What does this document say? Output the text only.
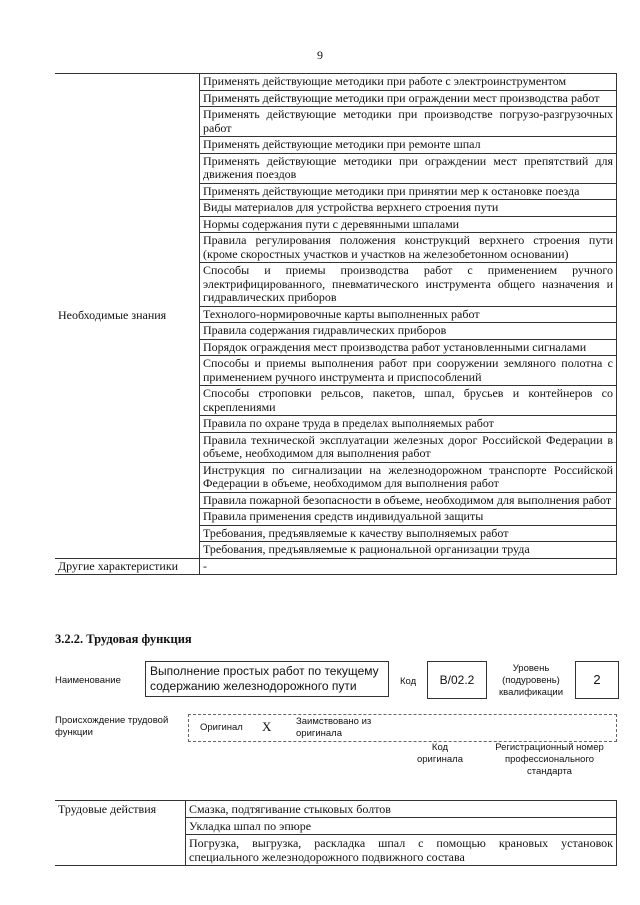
9
Необходимые знания	Применять действующие методики при работе с электроинструментом
	Применять действующие методики при ограждении мест производства работ
	Применять действующие методики при производстве погрузо-разгрузочных работ
	Применять действующие методики при ремонте шпал
	Применять действующие методики при ограждении мест препятствий для движения поездов
	Применять действующие методики при принятии мер к остановке поезда
	Виды материалов для устройства верхнего строения пути
	Нормы содержания пути с деревянными шпалами
	Правила регулирования положения конструкций верхнего строения пути (кроме скоростных участков и участков на железобетонном основании)
	Способы и приемы производства работ с применением ручного электрифицированного, пневматического инструмента общего назначения и гидравлических приборов
	Технолого-нормировочные карты выполненных работ
	Правила содержания гидравлических приборов
	Порядок ограждения мест производства работ установленными сигналами
	Способы и приемы выполнения работ при сооружении земляного полотна с применением ручного инструмента и приспособлений
	Способы строповки рельсов, пакетов, шпал, брусьев и контейнеров со скреплениями
	Правила по охране труда в пределах выполняемых работ
	Правила технической эксплуатации железных дорог Российской Федерации в объеме, необходимом для выполнения работ
	Инструкция по сигнализации на железнодорожном транспорте Российской Федерации в объеме, необходимом для выполнения работ
	Правила пожарной безопасности в объеме, необходимом для выполнения работ
	Правила применения средств индивидуальной защиты
	Требования, предъявляемые к качеству выполняемых работ
	Требования, предъявляемые к рациональной организации труда
Другие характеристики	-
3.2.2. Трудовая функция
Наименование
Выполнение простых работ по текущему содержанию железнодорожного пути	Код	В/02.2
Уровень (подуровень) квалификации
2
Происхождение трудовой функции	Оригинал X	Заимствовано из оригинала
Код оригинала
Регистрационный номер профессионального стандарта
Трудовые действия	Смазка, подтягивание стыковых болтов
Укладка шпал по эпюре
Погрузка, выгрузка, раскладка шпал с помощью крановых установок специального железнодорожного подвижного состава
